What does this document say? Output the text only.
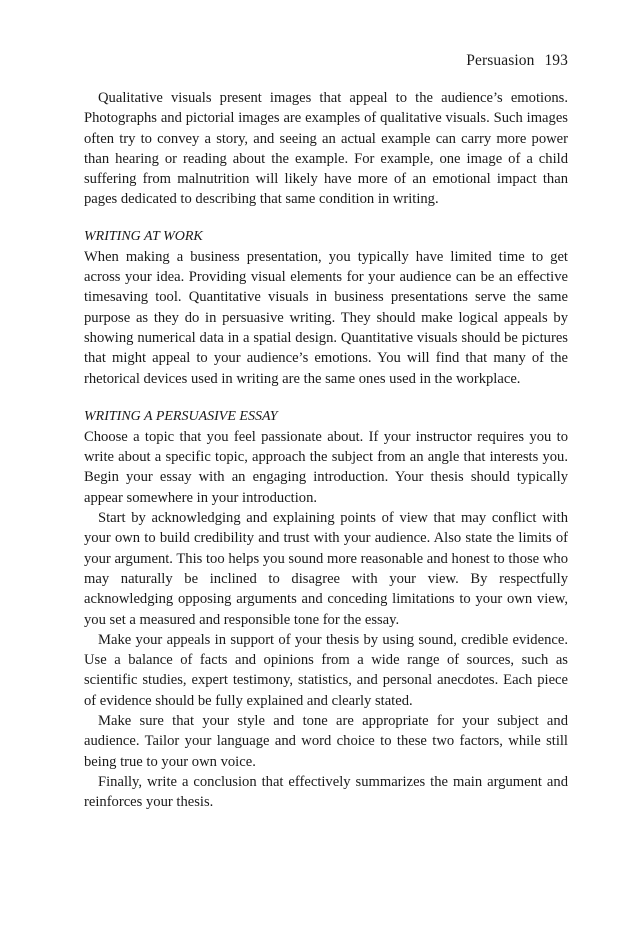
Persuasion 193

Qualitative visuals present images that appeal to the audience’s emotions. Photographs and pictorial images are examples of qualitative visuals. Such images often try to convey a story, and seeing an actual example can carry more power than hearing or reading about the example. For example, one image of a child suffering from malnutrition will likely have more of an emotional impact than pages dedicated to describing that same condition in writing.

WRITING AT WORK

When making a business presentation, you typically have limited time to get across your idea. Providing visual elements for your audience can be an effective timesaving tool. Quantitative visuals in business presentations serve the same purpose as they do in persuasive writing. They should make logical appeals by showing numerical data in a spatial design. Quantitative visuals should be pictures that might appeal to your audience’s emotions. You will find that many of the rhetorical devices used in writing are the same ones used in the workplace.

WRITING A PERSUASIVE ESSAY

Choose a topic that you feel passionate about. If your instructor requires you to write about a specific topic, approach the subject from an angle that interests you. Begin your essay with an engaging introduction. Your thesis should typically appear somewhere in your introduction.

Start by acknowledging and explaining points of view that may conflict with your own to build credibility and trust with your audience. Also state the limits of your argument. This too helps you sound more reasonable and honest to those who may naturally be inclined to disagree with your view. By respectfully acknowledging opposing arguments and conceding limitations to your own view, you set a measured and responsible tone for the essay.

Make your appeals in support of your thesis by using sound, credible evidence. Use a balance of facts and opinions from a wide range of sources, such as scientific studies, expert testimony, statistics, and personal anecdotes. Each piece of evidence should be fully explained and clearly stated.

Make sure that your style and tone are appropriate for your subject and audience. Tailor your language and word choice to these two factors, while still being true to your own voice.

Finally, write a conclusion that effectively summarizes the main argument and reinforces your thesis.
